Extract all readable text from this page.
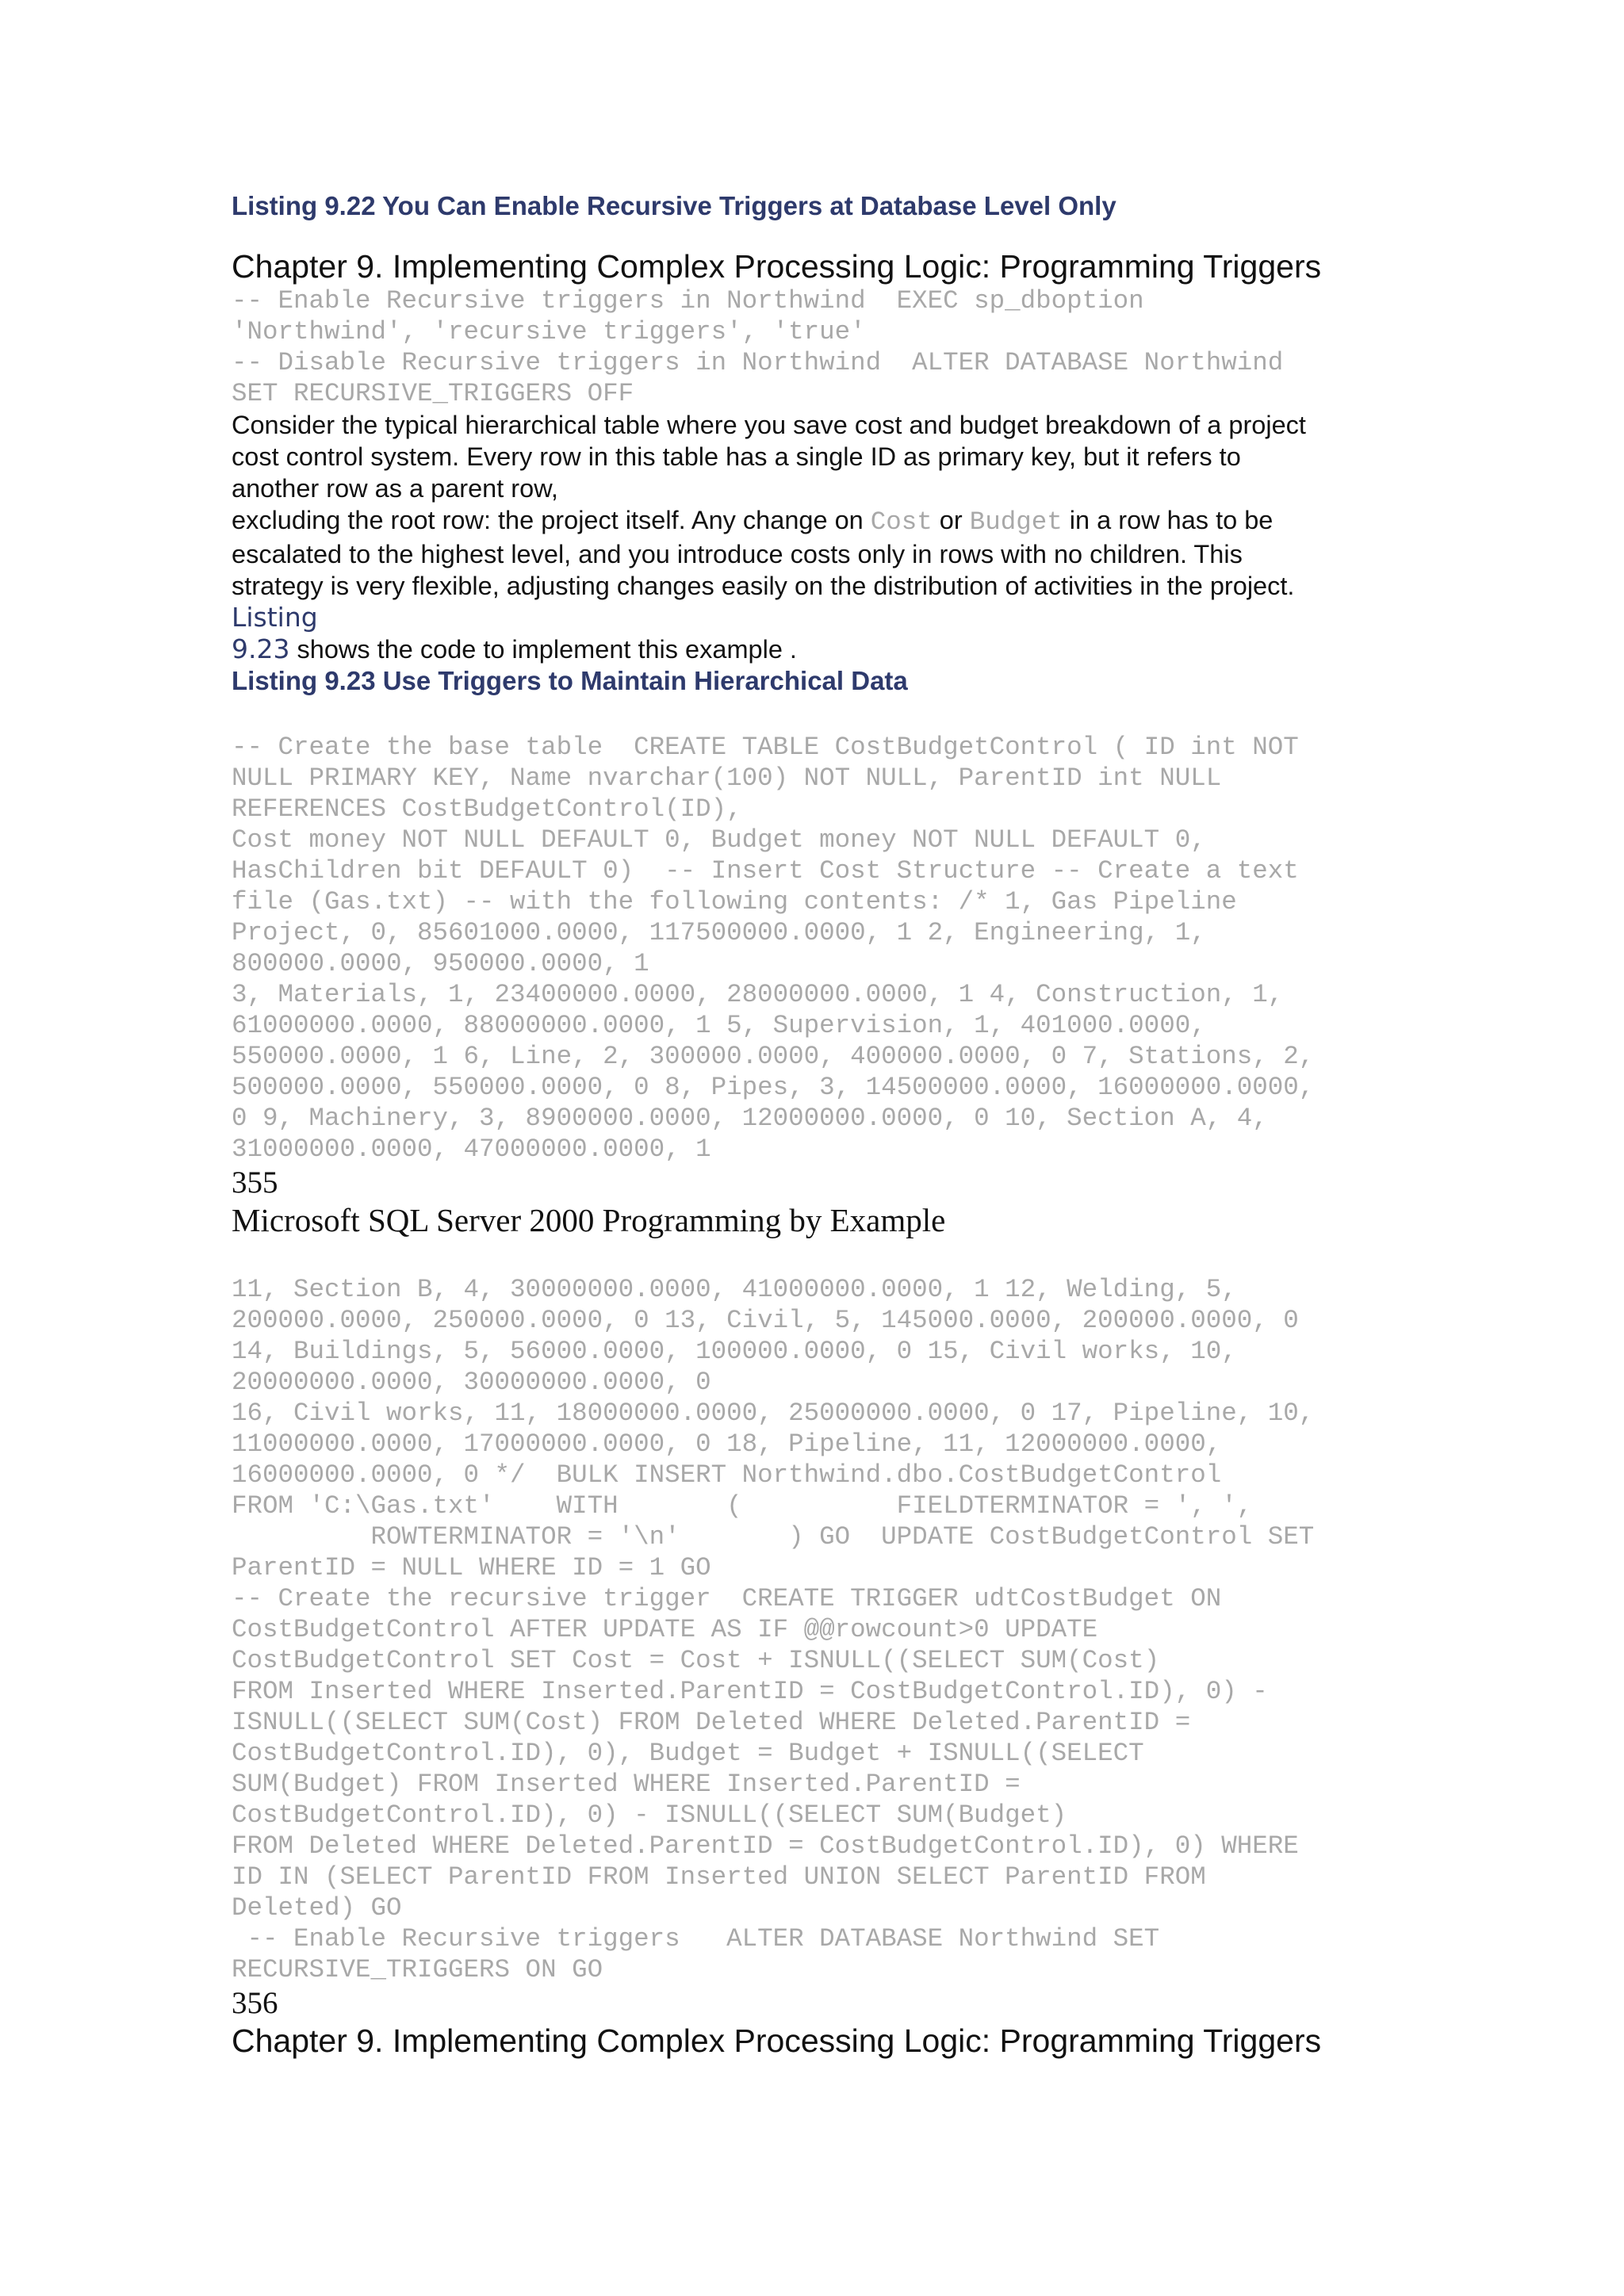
Listing 9.22 You Can Enable Recursive Triggers at Database Level Only

Chapter 9. Implementing Complex Processing Logic: Programming Triggers

-- Enable Recursive triggers in Northwind  EXEC sp_dboption
'Northwind', 'recursive triggers', 'true'
-- Disable Recursive triggers in Northwind  ALTER DATABASE Northwind
SET RECURSIVE_TRIGGERS OFF
Consider the typical hierarchical table where you save cost and budget breakdown of a project
cost control system. Every row in this table has a single ID as primary key, but it refers to
another row as a parent row,
excluding the root row: the project itself. Any change on Cost or Budget in a row has to be
escalated to the highest level, and you introduce costs only in rows with no children. This
strategy is very flexible, adjusting changes easily on the distribution of activities in the project.
Listing
9.23 shows the code to implement this example .

Listing 9.23 Use Triggers to Maintain Hierarchical Data

-- Create the base table  CREATE TABLE CostBudgetControl ( ID int NOT
NULL PRIMARY KEY, Name nvarchar(100) NOT NULL, ParentID int NULL
REFERENCES CostBudgetControl(ID),
Cost money NOT NULL DEFAULT 0, Budget money NOT NULL DEFAULT 0,
HasChildren bit DEFAULT 0)  -- Insert Cost Structure -- Create a text
file (Gas.txt) -- with the following contents: /* 1, Gas Pipeline
Project, 0, 85601000.0000, 117500000.0000, 1 2, Engineering, 1,
800000.0000, 950000.0000, 1
3, Materials, 1, 23400000.0000, 28000000.0000, 1 4, Construction, 1,
61000000.0000, 88000000.0000, 1 5, Supervision, 1, 401000.0000,
550000.0000, 1 6, Line, 2, 300000.0000, 400000.0000, 0 7, Stations, 2,
500000.0000, 550000.0000, 0 8, Pipes, 3, 14500000.0000, 16000000.0000,
0 9, Machinery, 3, 8900000.0000, 12000000.0000, 0 10, Section A, 4,
31000000.0000, 47000000.0000, 1

355

Microsoft SQL Server 2000 Programming by Example

11, Section B, 4, 30000000.0000, 41000000.0000, 1 12, Welding, 5,
200000.0000, 250000.0000, 0 13, Civil, 5, 145000.0000, 200000.0000, 0
14, Buildings, 5, 56000.0000, 100000.0000, 0 15, Civil works, 10,
20000000.0000, 30000000.0000, 0
16, Civil works, 11, 18000000.0000, 25000000.0000, 0 17, Pipeline, 10,
11000000.0000, 17000000.0000, 0 18, Pipeline, 11, 12000000.0000,
16000000.0000, 0 */  BULK INSERT Northwind.dbo.CostBudgetControl
FROM 'C:\Gas.txt'    WITH       (          FIELDTERMINATOR = ', ',
ROWTERMINATOR = '\n'       ) GO  UPDATE CostBudgetControl SET
ParentID = NULL WHERE ID = 1 GO
-- Create the recursive trigger  CREATE TRIGGER udtCostBudget ON
CostBudgetControl AFTER UPDATE AS IF @@rowcount>0 UPDATE
CostBudgetControl SET Cost = Cost + ISNULL((SELECT SUM(Cost)
FROM Inserted WHERE Inserted.ParentID = CostBudgetControl.ID), 0) -
ISNULL((SELECT SUM(Cost) FROM Deleted WHERE Deleted.ParentID =
CostBudgetControl.ID), 0), Budget = Budget + ISNULL((SELECT
SUM(Budget) FROM Inserted WHERE Inserted.ParentID =
CostBudgetControl.ID), 0) - ISNULL((SELECT SUM(Budget)
FROM Deleted WHERE Deleted.ParentID = CostBudgetControl.ID), 0) WHERE
ID IN (SELECT ParentID FROM Inserted UNION SELECT ParentID FROM
Deleted) GO
-- Enable Recursive triggers   ALTER DATABASE Northwind SET
RECURSIVE_TRIGGERS ON GO

356

Chapter 9. Implementing Complex Processing Logic: Programming Triggers
